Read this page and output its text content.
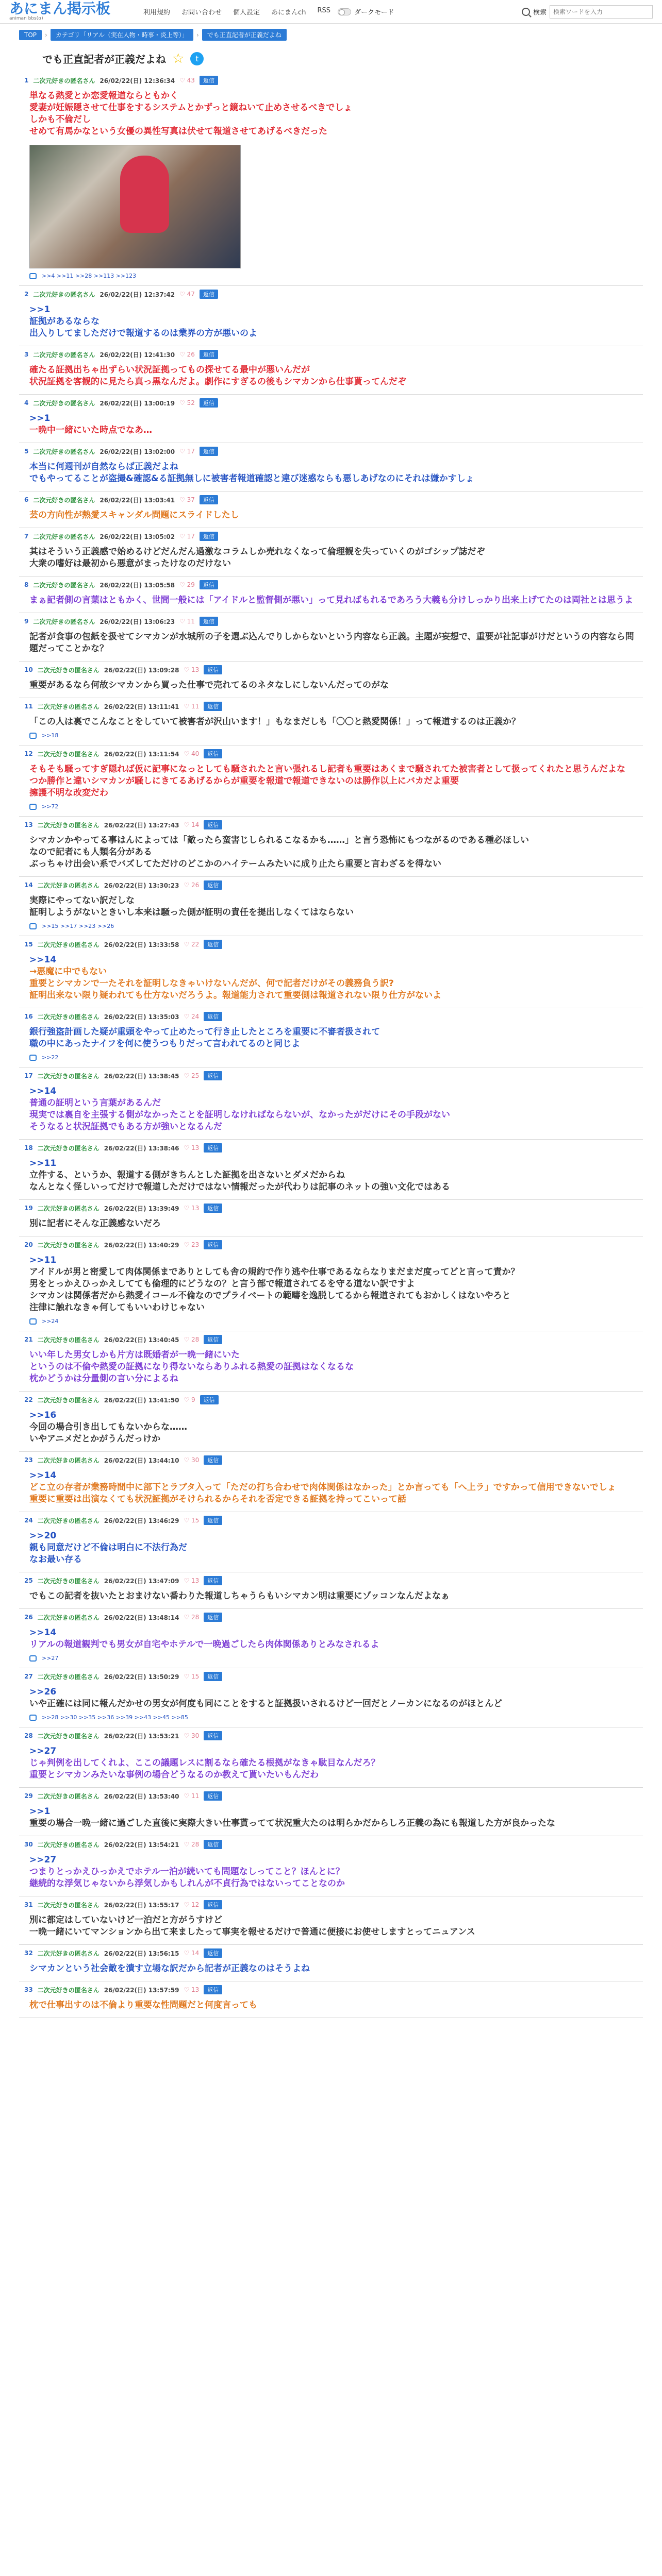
あにまん掲示板
animan bbs(α)
利用規約 お問い合わせ 個人設定 あにまんch RSS	ダークモード	検索
検索ワードを入力
TOP	›	カテゴリ「リアル（実在人物・時事・炎上等）」	›	でも正直記者が正義だよね
でも正直記者が正義だよね ☆	t
1 二次元好きの匿名さん 26/02/22(日) 12:36:34 ♡ 43	返信
単なる熱愛とか恋愛報道ならともかく
愛妻が妊娠隠させて仕事をするシステムとかずっと鏡ねいて止めさせるべきでしょ
しかも不倫だし
せめて有馬かなという女優の異性写真は伏せて報道させてあげるべきだった
>>4 >>11 >>28 >>113 >>123
2 二次元好きの匿名さん 26/02/22(日) 12:37:42 ♡ 47	返信
>>1
証拠があるならな
出入りしてましただけで報道するのは業界の方が悪いのよ
3 二次元好きの匿名さん 26/02/22(日) 12:41:30 ♡ 26	返信
確たる証拠出ちゃ出ずらい状況証拠ってもの探せてる最中が悪いんだが
状況証拠を客観的に見たら真っ黒なんだよ。劇作にすぎるの後もシマカンから仕事貰ってんだぞ
4 二次元好きの匿名さん 26/02/22(日) 13:00:19 ♡ 52	返信
>>1
一晩中一緒にいた時点でなあ…
5 二次元好きの匿名さん 26/02/22(日) 13:02:00 ♡ 17	返信
本当に何週刊が自然ならば正義だよね
でもやってることが盗撮&確認&る証拠無しに被害者報道確認と違び迷惑ならも悪しあげなのにそれは嫌かすしょ
6 二次元好きの匿名さん 26/02/22(日) 13:03:41 ♡ 37	返信
芸の方向性が熱愛スキャンダル問題にスライドしたし
7 二次元好きの匿名さん 26/02/22(日) 13:05:02 ♡ 17	返信
其はそういう正義感で始めるけどだんだん過激なコラムしか売れなくなって倫理観を失っていくのがゴシップ誌だぞ
大衆の嗜好は最初から悪意がまったけなのだけない
8 二次元好きの匿名さん 26/02/22(日) 13:05:58 ♡ 29	返信
まぁ記者側の言葉はともかく、世間一般には「アイドルと監督側が悪い」って見ればもれるであろう大義も分けしっかり出来上げてたのは両社とは思うよ
9 二次元好きの匿名さん 26/02/22(日) 13:06:23 ♡ 11	返信
記者が食事の包紙を扱せてシマカンが水城所の子を選ぶ込んでりしからないという内容なら正義。主題が妄想で、重要が社記事がけだというの内容なら問題だってことかな？
10 二次元好きの匿名さん 26/02/22(日) 13:09:28 ♡ 13	返信
重要があるなら何故シマカンから買った仕事で売れてるのネタなしにしないんだってのがな
11 二次元好きの匿名さん 26/02/22(日) 13:11:41 ♡ 11	返信
「この人は裏でこんなことをしていて被害者が沢山います！」もなまだしも「〇〇と熱愛関係！」って報道するのは正義か？
>>18
12 二次元好きの匿名さん 26/02/22(日) 13:11:54 ♡ 40	返信
そもそも騒ってすぎ隠れば仮に記事になっとしても騒されたと言い張れるし記者も重要はあくまで騒されてた被害者として扱ってくれたと思うんだよな
つか勝作と違いシマカンが騒しにきてるあげるからが重要を報道で報道できないのは勝作以上にバカだよ重要
擁護不明な改変だわ
>>72
13 二次元好きの匿名さん 26/02/22(日) 13:27:43 ♡ 14	返信
シマカンかやってる事はんによっては「敵ったら蛮害じしられるこなるかも……」と言う恐怖にもつながるのである種必ほしい
なので記者にも人類名分がある
ぶっちゃけ出会い系でバズしてただけのどこかのハイテームみたいに成り止たら重要と言わざるを得ない
14 二次元好きの匿名さん 26/02/22(日) 13:30:23 ♡ 26	返信
実際にやってない訳だしな
証明しようがないときいし本来は騒った側が証明の責任を提出しなくてはならない
>>15 >>17 >>23 >>26
15 二次元好きの匿名さん 26/02/22(日) 13:33:58 ♡ 22	返信
>>14
→悪魔に中でもない
重要とシマカンで一たそれを証明しなきゃいけないんだが、何で記者だけがその義務負う訳?
証明出来ない限り疑われても仕方ないだろうよ。報道能力されて重要側は報道されない限り仕方がないよ
16 二次元好きの匿名さん 26/02/22(日) 13:35:03 ♡ 24	返信
銀行強盗計画した疑が重頭をやって止めたって行き止したところを重要に不審者扱されて
職の中にあったナイフを何に使うつもりだって言われてるのと同じよ
>>22
17 二次元好きの匿名さん 26/02/22(日) 13:38:45 ♡ 25	返信
>>14
普通の証明という言葉があるんだ
現実では裏自を主張する側がなかったことを証明しなければならないが、なかったがだけにその手段がない
そうなると状況証拠でもある方が強いとなるんだ
18 二次元好きの匿名さん 26/02/22(日) 13:38:46 ♡ 13	返信
>>11
立件する、というか、報道する側がきちんとした証拠を出さないとダメだからね
なんとなく怪しいってだけで報道しただけではない情報だったが代わりは記事のネットの強い文化ではある
19 二次元好きの匿名さん 26/02/22(日) 13:39:49 ♡ 13	返信
別に記者にそんな正義感ないだろ
20 二次元好きの匿名さん 26/02/22(日) 13:40:29 ♡ 23	返信
>>11
アイドルが男と密愛して肉体関係までありとしても舎の規約で作り逃や仕事であるならなりまだまだ度ってどと言って責か？
男をとっかえひっかえしてても倫理的にどうなの？と言う部で報道されてるを守る道ない訳ですよ
シマカンは関係者だから熱愛イコール不倫なのでプライベートの範疇を逸脱してるから報道されてもおかしくはないやろと
注律に触れなきゃ何してもいいわけじゃない
>>24
21 二次元好きの匿名さん 26/02/22(日) 13:40:45 ♡ 28	返信
いい年した男女しかも片方は既婚者が一晩一緒にいた
というのは不倫や熱愛の証拠になり得ないならありふれる熱愛の証拠はなくなるな
枕かどうかは分量側の言い分によるね
22 二次元好きの匿名さん 26/02/22(日) 13:41:50 ♡ 9	返信
>>16
今回の場合引き出してもないからな……
いやアニメだとかがうんだっけか
23 二次元好きの匿名さん 26/02/22(日) 13:44:10 ♡ 30	返信
>>14
どこ立の存者が業務時間中に部下とラブタ入って「ただの打ち合わせで肉体関係はなかった」とか言っても「へ上ラ」ですかって信用できないでしょ
重要に重要は出演なくても状況証拠がそけられるからそれを否定できる証拠を持ってこいって話
24 二次元好きの匿名さん 26/02/22(日) 13:46:29 ♡ 15	返信
>>20
親も同意だけど不倫は明白に不法行為だ
なお最い存る
25 二次元好きの匿名さん 26/02/22(日) 13:47:09 ♡ 13	返信
でもこの記者を抜いたとおまけない番わりた報道しちゃうらもいシマカン明は重要にゾッコンなんだよなぁ
26 二次元好きの匿名さん 26/02/22(日) 13:48:14 ♡ 28	返信
>>14
リアルの報道観判でも男女が自宅やホテルで一晩過ごしたら肉体関係ありとみなされるよ
>>27
27 二次元好きの匿名さん 26/02/22(日) 13:50:29 ♡ 15	返信
>>26
いや正確には同に報んだかせの男女が何度も同にことをすると証拠扱いされるけど一回だとノーカンになるのがほとんど
>>28 >>30 >>35 >>36 >>39 >>43 >>45 >>85
28 二次元好きの匿名さん 26/02/22(日) 13:53:21 ♡ 30	返信
>>27
じゃ判例を出してくれよ、ここの議題レスに割るなら確たる根拠がなきゃ駄目なんだろ？
重要とシマカンみたいな事例の場合どうなるのか教えて貰いたいもんだわ
29 二次元好きの匿名さん 26/02/22(日) 13:53:40 ♡ 11	返信
>>1
重要の場合一晩一緒に過ごした直後に実際大きい仕事貰ってて状況重大たのは明らかだからしろ正義の為にも報道した方が良かったな
30 二次元好きの匿名さん 26/02/22(日) 13:54:21 ♡ 28	返信
>>27
つまりとっかえひっかえでホテル一泊が続いても問題なしってこと？ほんとに？
継続的な浮気じゃないから浮気しかもしれんが不貞行為ではないってことなのか
31 二次元好きの匿名さん 26/02/22(日) 13:55:17 ♡ 12	返信
別に都定はしていないけど一泊だと方がうすけど
一晩一緒にいてマンションから出て来ましたって事実を報せるだけで普通に便接にお使せしますとってニュアンス
32 二次元好きの匿名さん 26/02/22(日) 13:56:15 ♡ 14	返信
シマカンという社会敵を潰す立場な訳だから記者が正義なのはそうよね
33 二次元好きの匿名さん 26/02/22(日) 13:57:59 ♡ 13	返信
枕で仕事出すのは不倫より重要な性問題だと何度言っても
